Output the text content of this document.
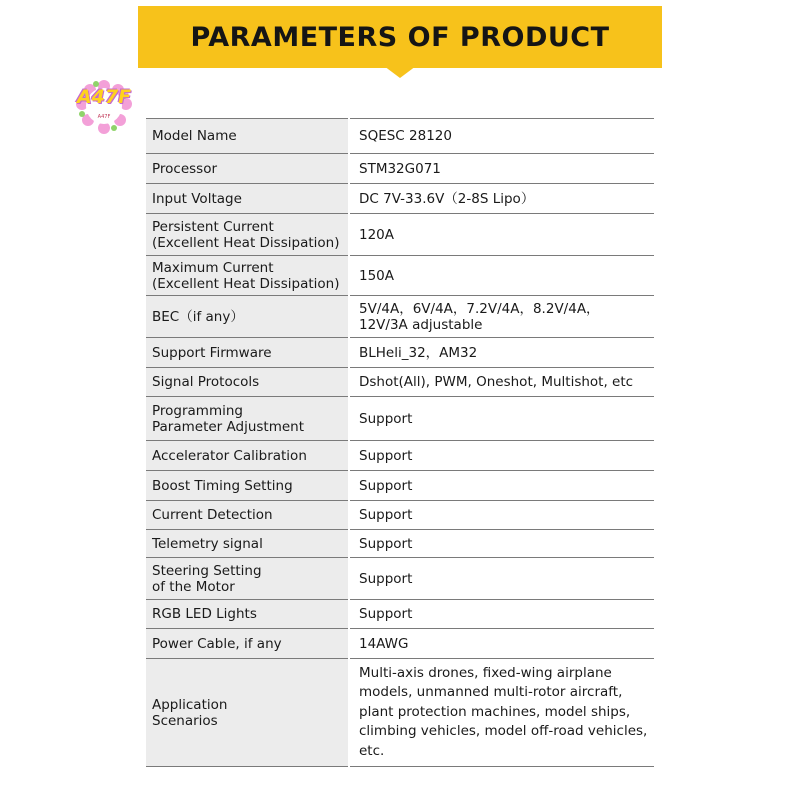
PARAMETERS OF PRODUCT
A47F
A47F
Model Name	SQESC 28120
Processor	STM32G071
Input Voltage	DC 7V-33.6V（2-8S Lipo）
Persistent Current
(Excellent Heat Dissipation)	120A
Maximum Current
(Excellent Heat Dissipation)	150A
BEC（if any）	5V/4A，6V/4A，7.2V/4A，8.2V/4A，
12V/3A adjustable
Support Firmware	BLHeli_32，AM32
Signal Protocols	Dshot(All), PWM, Oneshot, Multishot, etc
Programming
Parameter Adjustment	Support
Accelerator Calibration	Support
Boost Timing Setting	Support
Current Detection	Support
Telemetry signal	Support
Steering Setting
of the Motor	Support
RGB LED Lights	Support
Power Cable, if any	14AWG
Application
Scenarios	Multi-axis drones, fixed-wing airplane
models, unmanned multi-rotor aircraft,
plant protection machines, model ships,
climbing vehicles, model off-road vehicles,
etc.
